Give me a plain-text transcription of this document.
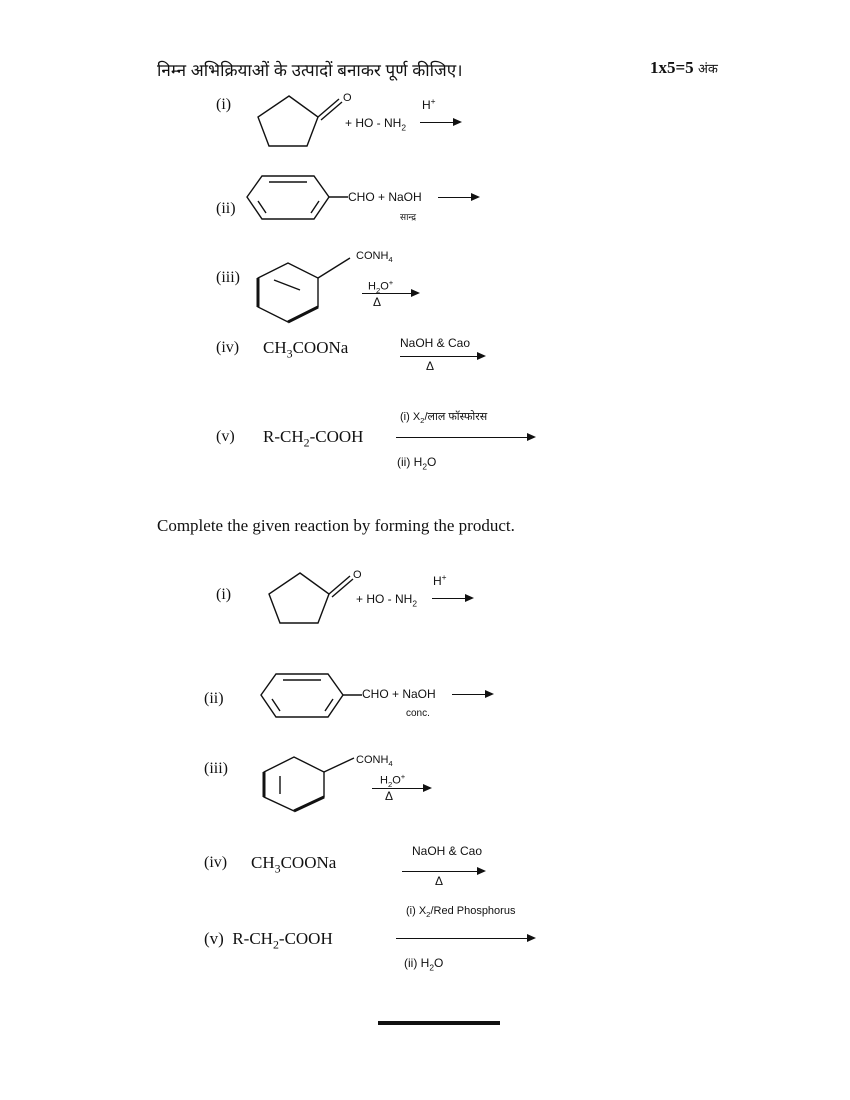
निम्न अभिक्रियाओं के उत्पादों बनाकर पूर्ण कीजिए।	1x5=5 अंक
(i)	O	H+
+ HO - $NH_2$ →
(ii)
CHO + NaOH
सान्द्र
(iii)
$CONH_4$
$H_2O^+$
Δ
(iv) $CH_3COONa$	NaOH & Cao
Δ
(v) $R-CH_2$-COOH
(i) $X_2/लाल$ फॉस्फोरस
(ii) $H_2O$
Complete the given reaction by forming the product.
(i)
O	H+
+ HO - $NH_2$ →
(ii)	CHO + NaOH
conc.
(iii)	$CONH_4$
$H_2O^+$
Δ
(iv) $CH_3COONa$
NaOH & Cao
Δ
(v) $R-CH_2$-COOH
(i) $X_2$/Red Phosphorus
(ii) $H_2O$
